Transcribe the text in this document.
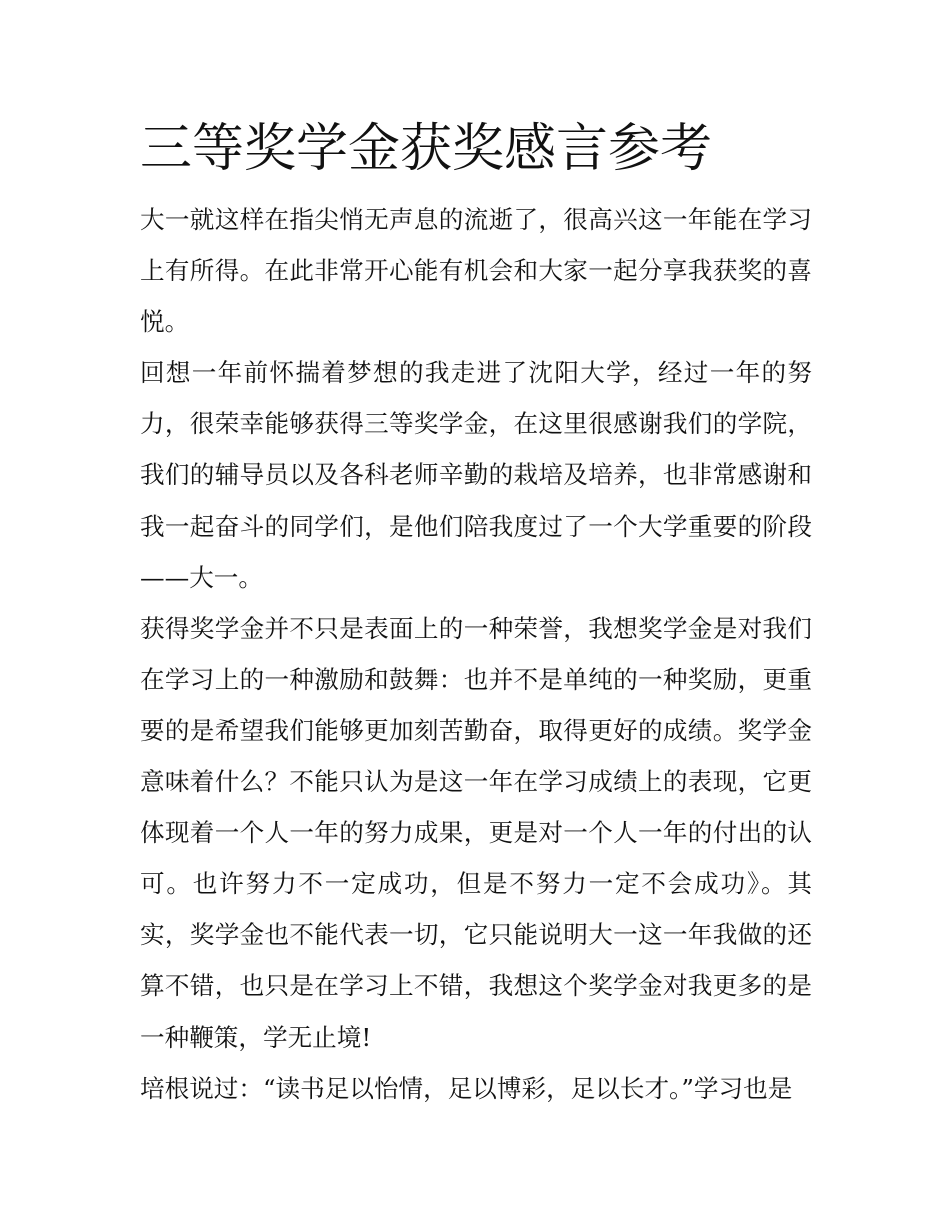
三等奖学金获奖感言参考

大一就这样在指尖悄无声息的流逝了，很高兴这一年能在学习上有所得。在此非常开心能有机会和大家一起分享我获奖的喜悦。

回想一年前怀揣着梦想的我走进了沈阳大学，经过一年的努力，很荣幸能够获得三等奖学金，在这里很感谢我们的学院，我们的辅导员以及各科老师辛勤的栽培及培养，也非常感谢和我一起奋斗的同学们，是他们陪我度过了一个大学重要的阶段——大一。

获得奖学金并不只是表面上的一种荣誉，我想奖学金是对我们在学习上的一种激励和鼓舞：也并不是单纯的一种奖励，更重要的是希望我们能够更加刻苦勤奋，取得更好的成绩。奖学金意味着什么？不能只认为是这一年在学习成绩上的表现，它更体现着一个人一年的努力成果，更是对一个人一年的付出的认可。也许努力不一定成功，但是不努力一定不会成功》。其实，奖学金也不能代表一切，它只能说明大一这一年我做的还算不错，也只是在学习上不错，我想这个奖学金对我更多的是一种鞭策，学无止境!

培根说过：“读书足以怡情，足以博彩，足以长才。”学习也是
